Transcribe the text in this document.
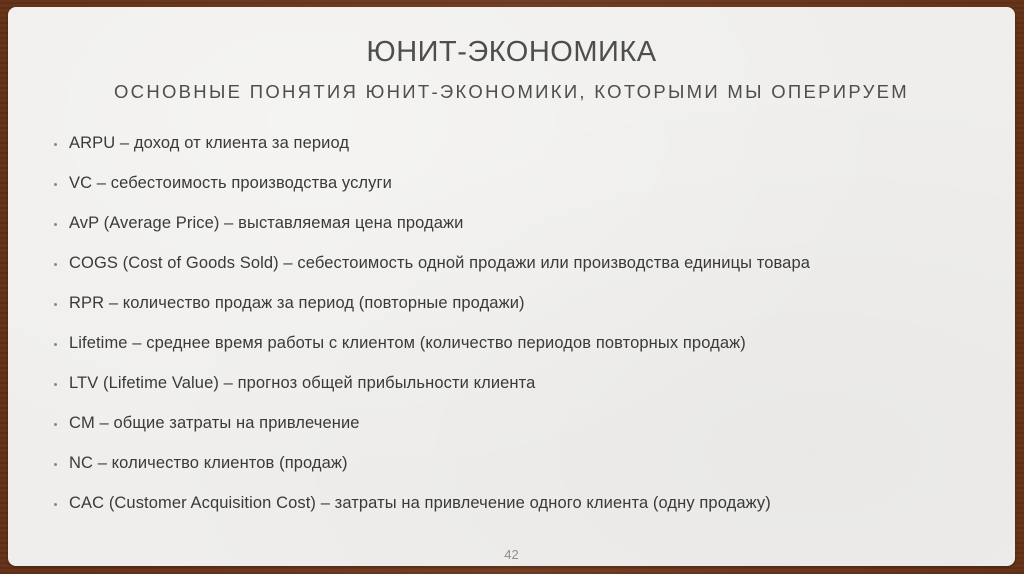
ЮНИТ-ЭКОНОМИКА
ОСНОВНЫЕ ПОНЯТИЯ ЮНИТ-ЭКОНОМИКИ, КОТОРЫМИ МЫ ОПЕРИРУЕМ
ARPU – доход от клиента за период
VC – себестоимость производства услуги
AvP (Average Price) – выставляемая цена продажи
COGS (Cost of Goods Sold) – себестоимость одной продажи или производства единицы товара
RPR – количество продаж за период (повторные продажи)
Lifetime – среднее время работы с клиентом (количество периодов повторных продаж)
LTV (Lifetime Value) – прогноз общей прибыльности клиента
CM – общие затраты на привлечение
NC – количество клиентов (продаж)
CAC (Customer Acquisition Cost) – затраты на привлечение одного клиента (одну продажу)
42
